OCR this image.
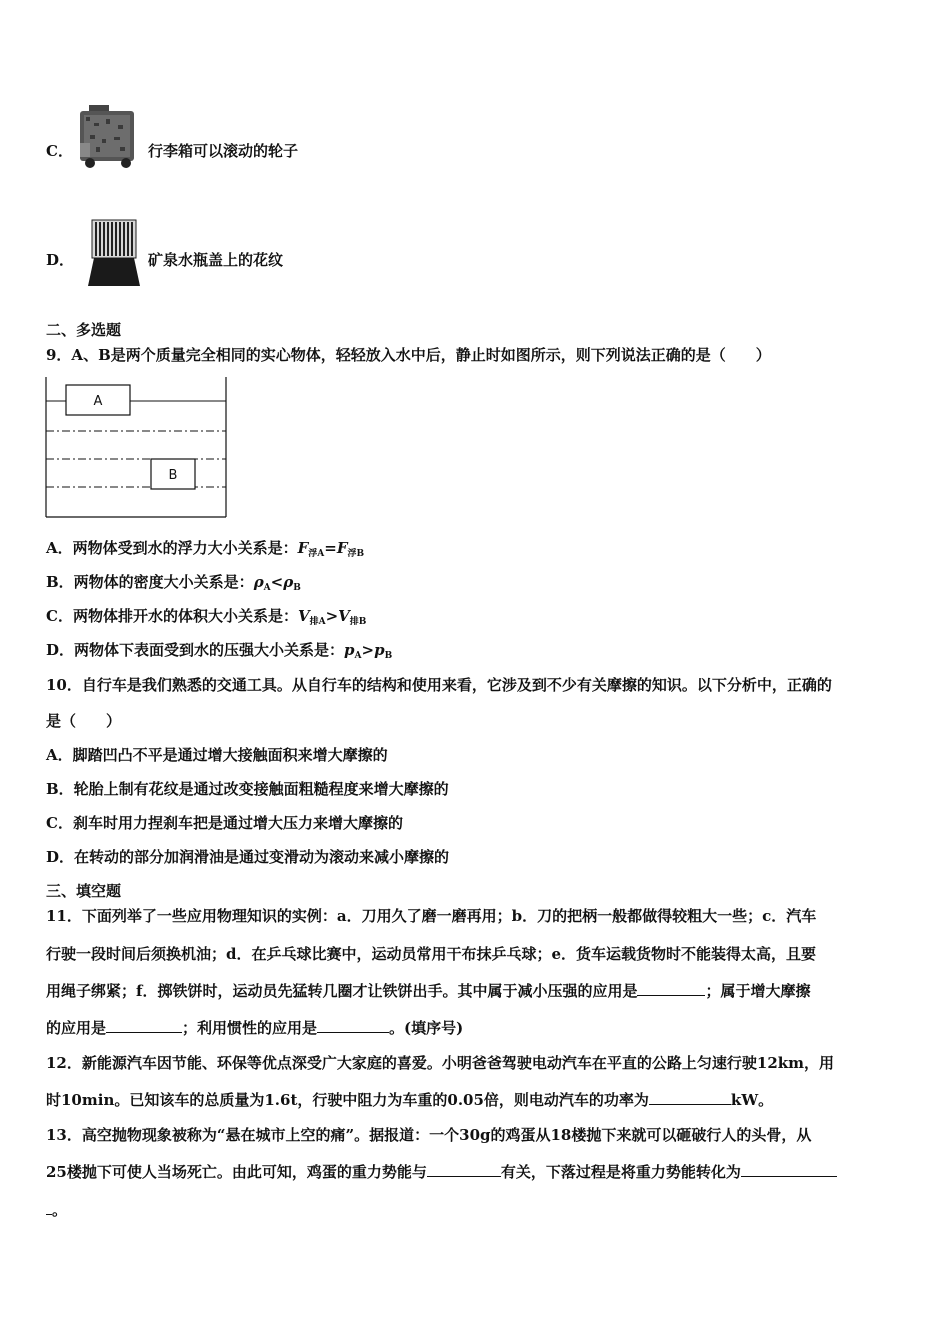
C．	行李箱可以滚动的轮子
D．	矿泉水瓶盖上的花纹
二、多选题
9．A、B是两个质量完全相同的实心物体，轻轻放入水中后，静止时如图所示，则下列说法正确的是（　　）
A
B
A．两物体受到水的浮力大小关系是：$F_{浮A}=F_{浮B}$
B．两物体的密度大小关系是：$\rho_A<\rho_B$
C．两物体排开水的体积大小关系是：$V_{排A}>V_{排B}$
D．两物体下表面受到水的压强大小关系是：$p_A>p_B$
10．自行车是我们熟悉的交通工具。从自行车的结构和使用来看，它涉及到不少有关摩擦的知识。以下分析中，正确的
是（　　）
A．脚踏凹凸不平是通过增大接触面积来增大摩擦的
B．轮胎上制有花纹是通过改变接触面粗糙程度来增大摩擦的
C．刹车时用力捏刹车把是通过增大压力来增大摩擦的
D．在转动的部分加润滑油是通过变滑动为滚动来减小摩擦的
三、填空题
11．下面列举了一些应用物理知识的实例：a．刀用久了磨一磨再用；b．刀的把柄一般都做得较粗大一些；c．汽车
行驶一段时间后须换机油；d．在乒乓球比赛中，运动员常用干布抹乒乓球；e．货车运载货物时不能装得太高，且要
用绳子绑紧；f．掷铁饼时，运动员先猛转几圈才让铁饼出手。其中属于减小压强的应用是	；属于增大摩擦
的应用是	；利用惯性的应用是	。(填序号)
12．新能源汽车因节能、环保等优点深受广大家庭的喜爱。小明爸爸驾驶电动汽车在平直的公路上匀速行驶12km，用
时10min。已知该车的总质量为1.6t，行驶中阻力为车重的0.05倍，则电动汽车的功率为	kW。
13．高空抛物现象被称为“悬在城市上空的痛”。据报道：一个30g的鸡蛋从18楼抛下来就可以砸破行人的头骨，从
25楼抛下可使人当场死亡。由此可知，鸡蛋的重力势能与	有关，下落过程是将重力势能转化为
。
